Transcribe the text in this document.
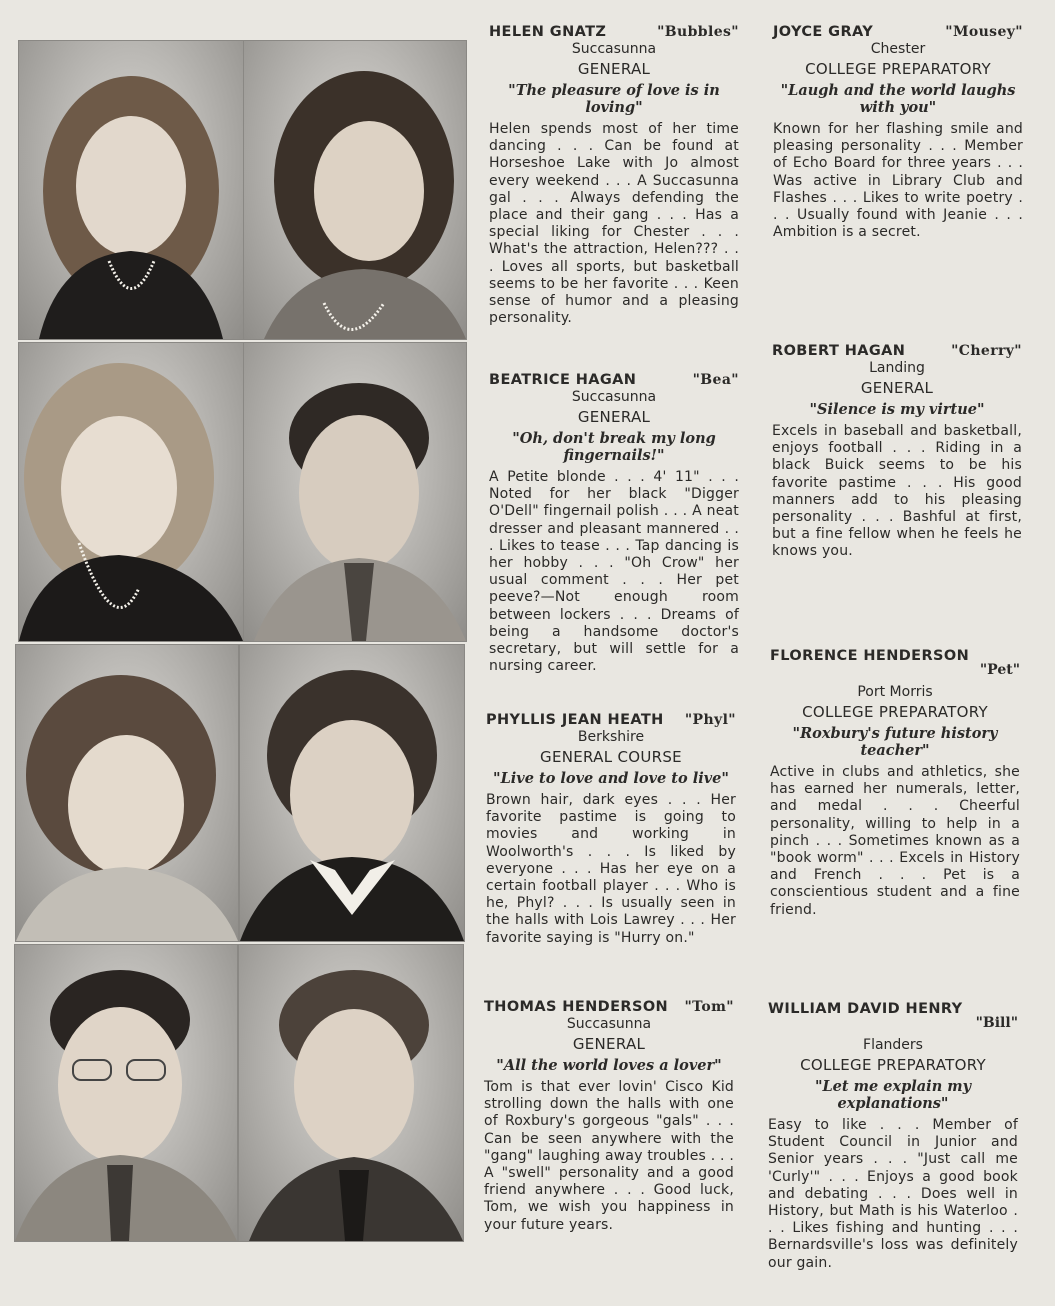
HELEN GNATZ	"Bubbles"
Succasunna
GENERAL
"The pleasure of love is in loving"
Helen spends most of her time dancing . . . Can be found at Horseshoe Lake with Jo almost every weekend . . . A Succasunna gal . . . Always defending the place and their gang . . . Has a special liking for Chester . . . What's the attraction, Helen??? . . . Loves all sports, but basketball seems to be her favorite . . . Keen sense of humor and a pleasing personality.
BEATRICE HAGAN	"Bea"
Succasunna
GENERAL
"Oh, don't break my long fingernails!"
A Petite blonde . . . 4' 11" . . . Noted for her black "Digger O'Dell" fingernail polish . . . A neat dresser and pleasant mannered . . . Likes to tease . . . Tap dancing is her hobby . . . "Oh Crow" her usual comment . . . Her pet peeve?—Not enough room between lockers . . . Dreams of being a handsome doctor's secretary, but will settle for a nursing career.
PHYLLIS JEAN HEATH "Phyl"
Berkshire
GENERAL COURSE
"Live to love and love to live"
Brown hair, dark eyes . . . Her favorite pastime is going to movies and working in Woolworth's . . . Is liked by everyone . . . Has her eye on a certain football player . . . Who is he, Phyl? . . . Is usually seen in the halls with Lois Lawrey . . . Her favorite saying is "Hurry on."
THOMAS HENDERSON "Tom"
Succasunna
GENERAL
"All the world loves a lover"
Tom is that ever lovin' Cisco Kid strolling down the halls with one of Roxbury's gorgeous "gals" . . . Can be seen anywhere with the "gang" laughing away troubles . . . A "swell" personality and a good friend anywhere . . . Good luck, Tom, we wish you happiness in your future years.
JOYCE GRAY	"Mousey"
Chester
COLLEGE PREPARATORY
"Laugh and the world laughs with you"
Known for her flashing smile and pleasing personality . . . Member of Echo Board for three years . . . Was active in Library Club and Flashes . . . Likes to write poetry . . . Usually found with Jeanie . . . Ambition is a secret.
ROBERT HAGAN	"Cherry"
Landing
GENERAL
"Silence is my virtue"
Excels in baseball and basketball, enjoys football . . . Riding in a black Buick seems to be his favorite pastime . . . His good manners add to his pleasing personality . . . Bashful at first, but a fine fellow when he feels he knows you.
FLORENCE HENDERSON
"Pet"
Port Morris
COLLEGE PREPARATORY
"Roxbury's future history teacher"
Active in clubs and athletics, she has earned her numerals, letter, and medal . . . Cheerful personality, willing to help in a pinch . . . Sometimes known as a "book worm" . . . Excels in History and French . . . Pet is a conscientious student and a fine friend.
WILLIAM DAVID HENRY
"Bill"
Flanders
COLLEGE PREPARATORY
"Let me explain my explanations"
Easy to like . . . Member of Student Council in Junior and Senior years . . . "Just call me 'Curly'" . . . Enjoys a good book and debating . . . Does well in History, but Math is his Waterloo . . . Likes fishing and hunting . . . Bernardsville's loss was definitely our gain.
